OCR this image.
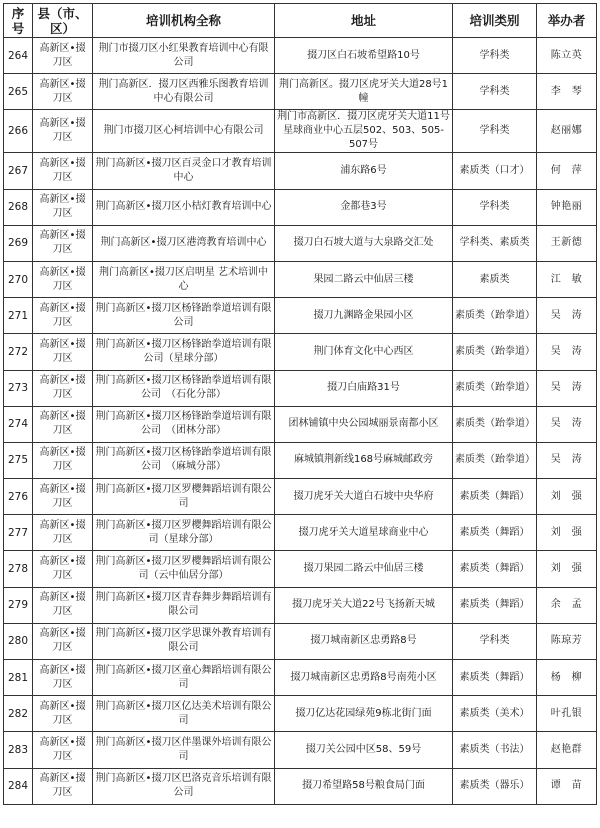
序号	县（市、区）	培训机构全称	地址	培训类别	举办者
264	高新区•掇刀区	荆门市掇刀区小红果教育培训中心有限公司	掇刀区白石坡希望路10号	学科类	陈立英
265	高新区•掇刀区	荆门高新区．掇刀区西雅乐图教育培训中心有限公司	荆门高新区。掇刀区虎牙关大道28号1幢	学科类	李　琴
266	高新区•掇刀区	荆门市掇刀区心柯培训中心有限公司	荆门市高新区．掇刀区虎牙关大道11号星球商业中心五层502、503、505-507号	学科类	赵丽娜
267	高新区•掇刀区	荆门高新区•掇刀区百灵金口才教育培训中心	浦东路6号	素质类（口才）	何　萍
268	高新区•掇刀区	荆门高新区•掇刀区小桔灯教育培训中心	金都巷3号	学科类	钟艳丽
269	高新区•掇刀区	荆门高新区•掇刀区港湾教育培训中心	掇刀白石坡大道与大泉路交汇处	学科类、素质类	王新德
270	高新区•掇刀区	荆门高新区•掇刀区启明星 艺术培训中心	果园二路云中仙居三楼	素质类	江　敏
271	高新区•掇刀区	荆门高新区•掇刀区杨锋跆拳道培训有限公司	掇刀九渊路金果园小区	素质类（跆拳道）	吴　涛
272	高新区•掇刀区	荆门高新区•掇刀区杨锋跆拳道培训有限公司（星球分部）	荆门体育文化中心西区	素质类（跆拳道）	吴　涛
273	高新区•掇刀区	荆门高新区•掇刀区杨锋跆拳道培训有限公司　（石化分部）	掇刀白庙路31号	素质类（跆拳道）	吴　涛
274	高新区•掇刀区	荆门高新区•掇刀区杨锋跆拳道培训有限公司　（团林分部）	团林铺镇中央公园城丽景南都小区	素质类（跆拳道）	吴　涛
275	高新区•掇刀区	荆门高新区•掇刀区杨锋跆拳道培训有限公司　（麻城分部）	麻城镇荆新线168号麻城邮政旁	素质类（跆拳道）	吴　涛
276	高新区•掇刀区	荆门高新区•掇刀区罗樱舞蹈培训有限公司	掇刀虎牙关大道白石坡中央华府	素质类（舞蹈）	刘　强
277	高新区•掇刀区	荆门高新区•掇刀区罗樱舞蹈培训有限公司（星球分部）	掇刀虎牙关大道星球商业中心	素质类（舞蹈）	刘　强
278	高新区•掇刀区	荆门高新区•掇刀区罗樱舞蹈培训有限公司（云中仙居分部）	掇刀果园二路云中仙居三楼	素质类（舞蹈）	刘　强
279	高新区•掇刀区	荆门高新区•掇刀区青春舞步舞蹈培训有限公司	掇刀虎牙关大道22号飞扬新天城	素质类（舞蹈）	余　孟
280	高新区•掇刀区	荆门高新区•掇刀区学思课外教育培训有限公司	掇刀城南新区忠勇路8号	学科类	陈琼芳
281	高新区•掇刀区	荆门高新区•掇刀区童心舞蹈培训有限公司	掇刀城南新区忠勇路8号南苑小区	素质类（舞蹈）	杨　柳
282	高新区•掇刀区	荆门高新区•掇刀区亿达美术培训有限公司	掇刀亿达花园绿苑9栋北街门面	素质类（美术）	叶孔银
283	高新区•掇刀区	荆门高新区•掇刀区伴墨课外培训有限公司	掇刀关公园中区58、59号	素质类（书法）	赵艳群
284	高新区•掇刀区	荆门高新区•掇刀区巴洛克音乐培训有限公司	掇刀希望路58号粮食局门面	素质类（器乐）	谭　苗
